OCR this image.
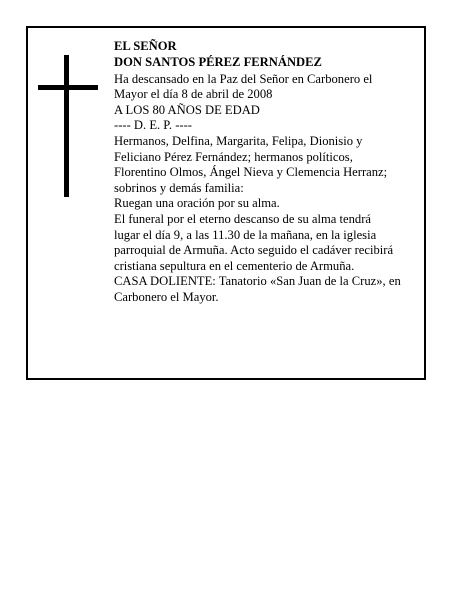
EL SEÑOR
DON SANTOS PÉREZ FERNÁNDEZ
Ha descansado en la Paz del Señor en Carbonero el
Mayor el día 8 de abril de 2008
A LOS 80 AÑOS DE EDAD
---- D. E. P. ----
Hermanos, Delfina, Margarita, Felipa, Dionisio y
Feliciano Pérez Fernández; hermanos políticos,
Florentino Olmos, Ángel Nieva y Clemencia Herranz;
sobrinos y demás familia:
Ruegan una oración por su alma.
El funeral por el eterno descanso de su alma tendrá
lugar el día 9, a las 11.30 de la mañana, en la iglesia
parroquial de Armuña. Acto seguido el cadáver recibirá
cristiana sepultura en el cementerio de Armuña.
CASA DOLIENTE: Tanatorio «San Juan de la Cruz», en
Carbonero el Mayor.
